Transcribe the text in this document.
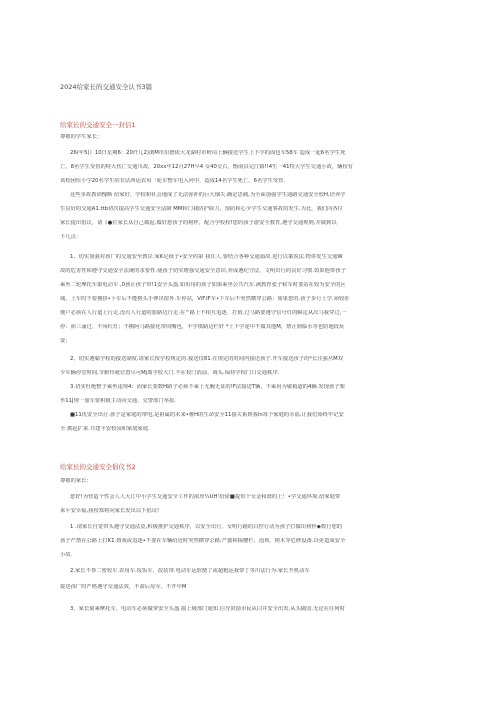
2024给家长的交通安全认书3篇
给家长的交通安全一封信1
尊敬的学生家长：
26(年5)）10日星期6：20仟儿2)浏M市沿德依大龙湖村市岭岗上辆接送学生上下学的面包车58车 造成一起6名学生死
亡，8名学生受伤的特大伤亡交通川故，20xx年12月27H早4 女40交右，衡南县完江镇!!4生一41特大学生交通小故，辆校有
该校困厚小学20名学生的非法西运农用「轮车整车电入河中，造成14名学生死亡，6名学生受伤.
这些步故教训愧断 给家好，学校和社会地成了无法弥补的巨大烟失.确定思痛,为全面加强学生通路交通安全校H,培养学
生良好的交通A1.ttb切次提高学生交通安全法制 MM和门我防护除力，预防和心少学生交通事故的发生.为北，我们向各位
家长提出倡议，请《●位家长从自己做起,做好您孩子的榜样，配合学校校!您的孩子游安全教育,遵守交通规则,并做到以
下几点：
1、切实加强对孩广的交通安至教岸.家K足续子•安全的第 我任人.要结合各种交通茹故.进行以案说法.物讲发生交通W
故的危害性和遵守交通安全法统的求要性.使孩子切实增强交通安全意识,养成遵纪守法，文明出行的良好习惯.如果他带孩子
乘坐二轮摩托车取电动车 ,0孩止孩子带!1安全头盔.如用用的孩子如果乘坐公共汽车.满教育张子候车时要站在较为安全的区
域，上车时不要拥挤•卜车后不能格头手伸出窗外.车停站，ViF.IF车•下车后不突然横穿公路：如果您的.孩子步行上学.须较肝
便户必须在人行道上行走,没有人行道的旅路边行走.在^路上不相互追逐、打假.过马路要遵守信号灯的瞬定从次马我穿过,一
停：而三涌过、不闯红灯；不搬阿马路接化带闷嘴也，不学慎路边栏轩 *上下学途中不做其他M，禁止到临水等也防地段玩
耍；
2、切实遵黏学校的接送制度.请家长按学校规定的.接送仅81.在规定的时间内接送孩子.开车接送孩子的*长注强丛M双
少车辆停堂时间,节俯待就位置尽可Mj离学校大门.不在校门消前、调头.保持学校门口交通秩序.
3.切实杜绝整子乘坐违规4：而家长要数H路子必须不乘上无胸无证的!F法接送T辆，不乘用为敏箱道的4辆.发现孩子架
坐11J规一加车要积极主动向交通、交警部门举报.
■11仇安全出行.孩子是家庭的带电,是祖属的未来•椎H的生命安全11接关系到我ln每个家庭的幸福.让我们始终牢记安
全.携起扩来.共建平安校园和家庭家庭.
给家长的交通安全倡仪书2
尊敬的家长：
您好!为营造个性会人人大订中小学生交通安全工作的浓厚¼UH‘给徐■提供个女金和谐的上！•学交通环境.给家庭带
来平安幸福,我校郑将向家长发出以下倡议!
1 .请家长自觉带头遵守交通法竟,积极推护交通秩序，以安全出行、女明行路的白控行动为孩子打做出榜样◆数行您的
孩子严禁在公路上打K1.嬉戏或追逐•不要在车辆给近时突然横穿公路;严披和揭樱栏、泡坝、树木等危修设备.以免造成安全
小故.
2.家长不参二密校车.农用车.报饭车、改装带.电动车运软便了或超粗运我带丁等川法行为:家长开机动车
接送孩广时严格遵守交通法效，不盈后母军，不开中M
3、家长骑乘摩托车、电动车必须做带安全头盔.接上级部门通知.信导鼓励市民从白井安全出发.从头做国.无论在任何时
